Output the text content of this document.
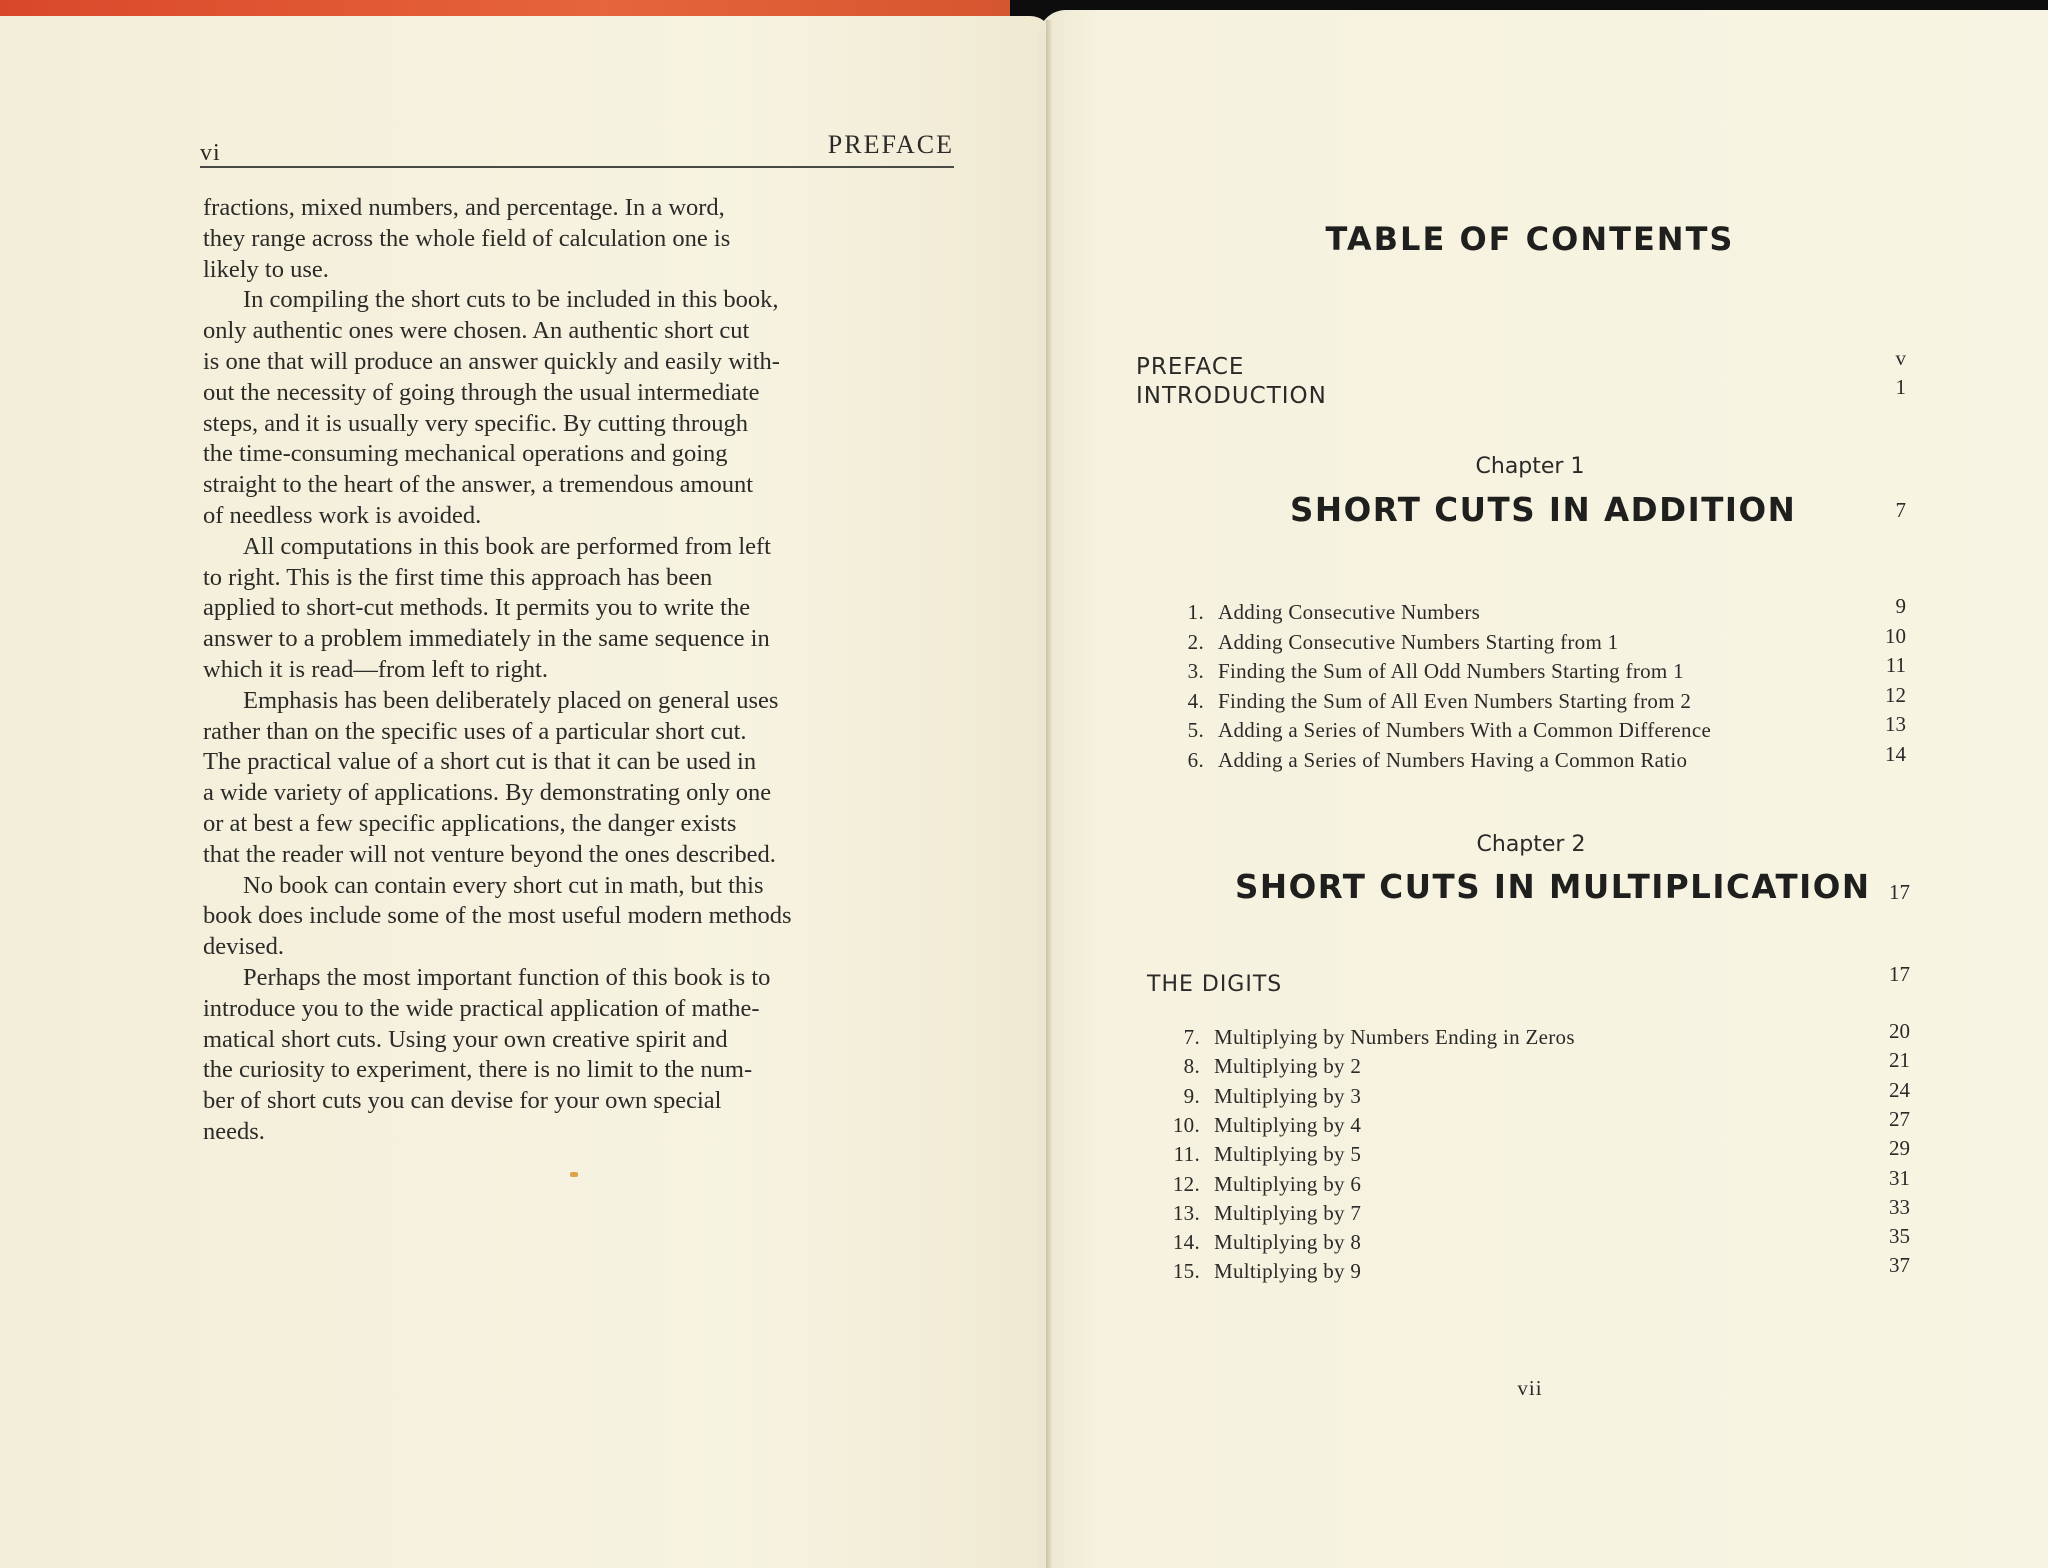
vi	PREFACE
fractions, mixed numbers, and percentage. In a word,
they range across the whole field of calculation one is
likely to use.
In compiling the short cuts to be included in this book,
only authentic ones were chosen. An authentic short cut
is one that will produce an answer quickly and easily with-
out the necessity of going through the usual intermediate
steps, and it is usually very specific. By cutting through
the time-consuming mechanical operations and going
straight to the heart of the answer, a tremendous amount
of needless work is avoided.
All computations in this book are performed from left
to right. This is the first time this approach has been
applied to short-cut methods. It permits you to write the
answer to a problem immediately in the same sequence in
which it is read—from left to right.
Emphasis has been deliberately placed on general uses
rather than on the specific uses of a particular short cut.
The practical value of a short cut is that it can be used in
a wide variety of applications. By demonstrating only one
or at best a few specific applications, the danger exists
that the reader will not venture beyond the ones described.
No book can contain every short cut in math, but this
book does include some of the most useful modern methods
devised.
Perhaps the most important function of this book is to
introduce you to the wide practical application of mathe-
matical short cuts. Using your own creative spirit and
the curiosity to experiment, there is no limit to the num-
ber of short cuts you can devise for your own special
needs.
TABLE OF CONTENTS
PREFACE	v
INTRODUCTION	1
Chapter 1
SHORT CUTS IN ADDITION	7
1. Adding Consecutive Numbers	9
2. Adding Consecutive Numbers Starting from 1	10
3. Finding the Sum of All Odd Numbers Starting from 1	11
4. Finding the Sum of All Even Numbers Starting from 2	12
5. Adding a Series of Numbers With a Common Difference	13
6. Adding a Series of Numbers Having a Common Ratio	14
Chapter 2
SHORT CUTS IN MULTIPLICATION 17
THE DIGITS	17
7. Multiplying by Numbers Ending in Zeros	20
8. Multiplying by 2	21
9. Multiplying by 3	24
10. Multiplying by 4	27
11. Multiplying by 5	29
12. Multiplying by 6	31
13. Multiplying by 7	33
14. Multiplying by 8	35
15. Multiplying by 9	37
vii
